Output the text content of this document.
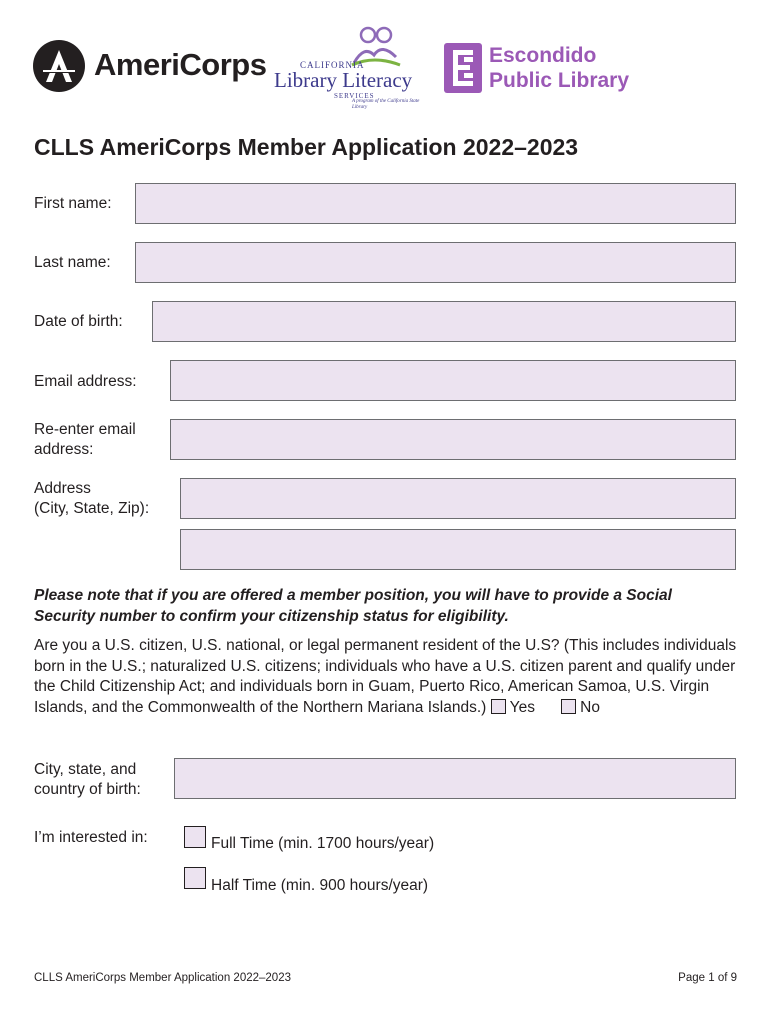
AmeriCorps	CALIFORNIA
Library Literacy
SERVICES
A program of the California State Library
Escondido
Public Library
CLLS AmeriCorps Member Application 2022–2023
First name:
Last name:
Date of birth:
Email address:
Re-enter email
address:
Address
(City, State, Zip):
Please note that if you are offered a member position, you will have to provide a Social Security number to confirm your citizenship status for eligibility.
Are you a U.S. citizen, U.S. national, or legal permanent resident of the U.S? (This includes individuals born in the U.S.; naturalized U.S. citizens; individuals who have a U.S. citizen parent and qualify under the Child Citizenship Act; and individuals born in Guam, Puerto Rico, American Samoa, U.S. Virgin Islands, and the Commonwealth of the Northern Mariana Islands.) Yes	No
City, state, and
country of birth:
I’m interested in:	Full Time (min. 1700 hours/year)
Half Time (min. 900 hours/year)
CLLS AmeriCorps Member Application 2022–2023	Page 1 of 9
